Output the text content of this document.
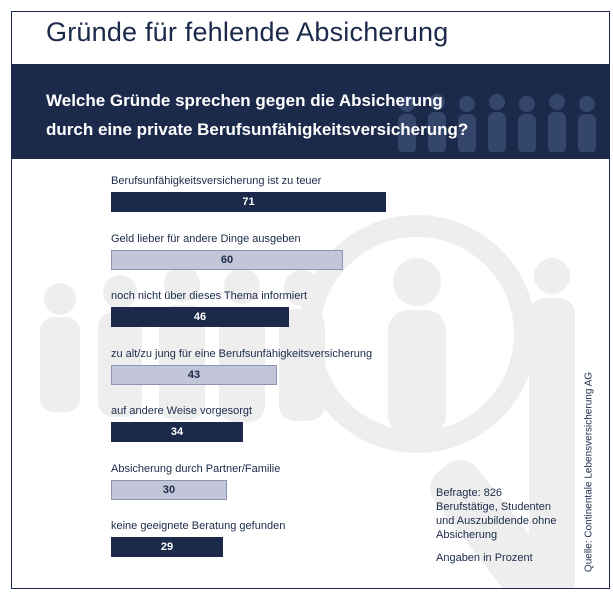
Gründe für fehlende Absicherung
Welche Gründe sprechen gegen die Absicherung
durch eine private Berufsunfähigkeitsversicherung?
Berufsunfähigkeitsversicherung ist zu teuer
71
Geld lieber für andere Dinge ausgeben
60
noch nicht über dieses Thema informiert
46
zu alt/zu jung für eine Berufsunfähigkeitsversicherung
43
auf andere Weise vorgesorgt
34
Absicherung durch Partner/Familie
30
keine geeignete Beratung gefunden
29
Befragte: 826
Berufstätige, Studenten
und Auszubildende ohne
Absicherung
Angaben in Prozent	Quelle: Continentale Lebensversicherung AG
